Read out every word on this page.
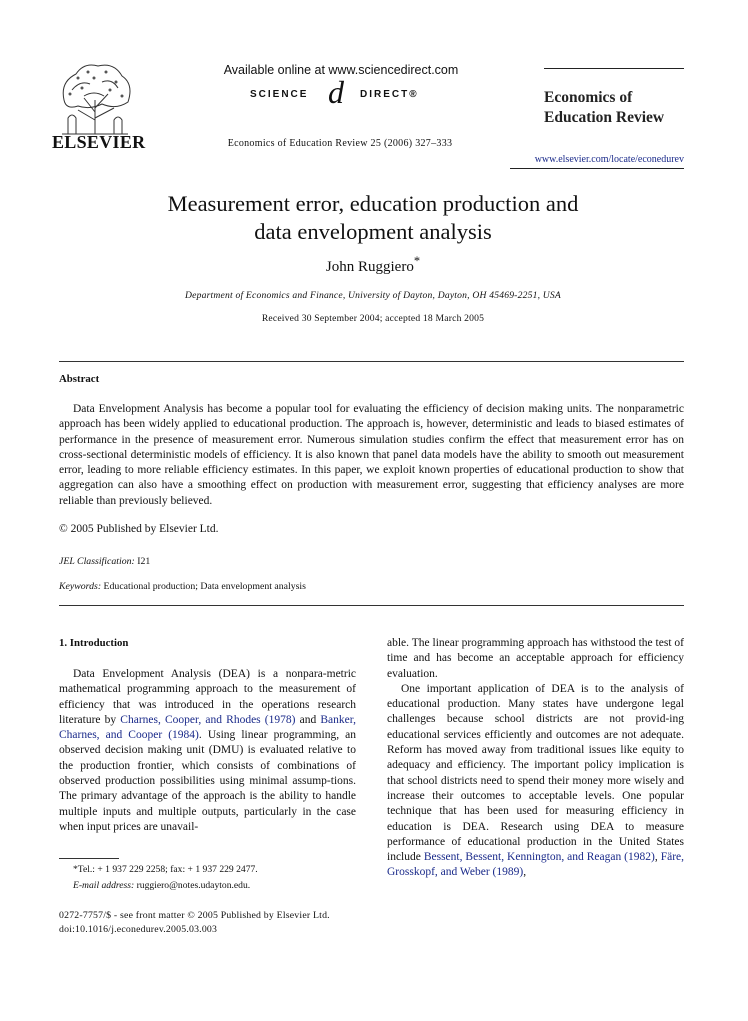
ELSEVIER
Available online at www.sciencedirect.com
SCIENCE d DIRECT®
Economics of Education Review 25 (2006) 327–333
Economics of
Education Review
www.elsevier.com/locate/econedurev
Measurement error, education production and
data envelopment analysis
John Ruggiero*
Department of Economics and Finance, University of Dayton, Dayton, OH 45469-2251, USA
Received 30 September 2004; accepted 18 March 2005
Abstract
Data Envelopment Analysis has become a popular tool for evaluating the efficiency of decision making units. The nonparametric approach has been widely applied to educational production. The approach is, however, deterministic and leads to biased estimates of performance in the presence of measurement error. Numerous simulation studies confirm the effect that measurement error has on cross-sectional deterministic models of efficiency. It is also known that panel data models have the ability to smooth out measurement error, leading to more reliable efficiency estimates. In this paper, we exploit known properties of educational production to show that aggregation can also have a smoothing effect on production with measurement error, suggesting that efficiency analyses are more reliable than previously believed.
© 2005 Published by Elsevier Ltd.
JEL Classification: I21
Keywords: Educational production; Data envelopment analysis
1. Introduction

Data Envelopment Analysis (DEA) is a nonpara-metric mathematical programming approach to the measurement of efficiency that was introduced in the operations research literature by Charnes, Cooper, and Rhodes (1978) and Banker, Charnes, and Cooper (1984). Using linear programming, an observed decision making unit (DMU) is evaluated relative to the production frontier, which consists of combinations of observed production possibilities using minimal assump-tions. The primary advantage of the approach is the ability to handle multiple inputs and multiple outputs, particularly in the case when input prices are unavail-

able. The linear programming approach has withstood the test of time and has become an acceptable approach for efficiency evaluation.

One important application of DEA is to the analysis of educational production. Many states have undergone legal challenges because school districts are not provid-ing educational services efficiently and outcomes are not adequate. Reform has moved away from traditional issues like equity to adequacy and efficiency. The important policy implication is that school districts need to spend their money more wisely and increase their outcomes to acceptable levels. One popular technique that has been used for measuring efficiency in education is DEA. Research using DEA to measure performance of educational production in the United States include Bessent, Bessent, Kennington, and Reagan (1982), Färe, Grosskopf, and Weber (1989),

*Tel.: + 1 937 229 2258; fax: + 1 937 229 2477.
E-mail address: ruggiero@notes.udayton.edu.
0272-7757/$ - see front matter © 2005 Published by Elsevier Ltd.
doi:10.1016/j.econedurev.2005.03.003
